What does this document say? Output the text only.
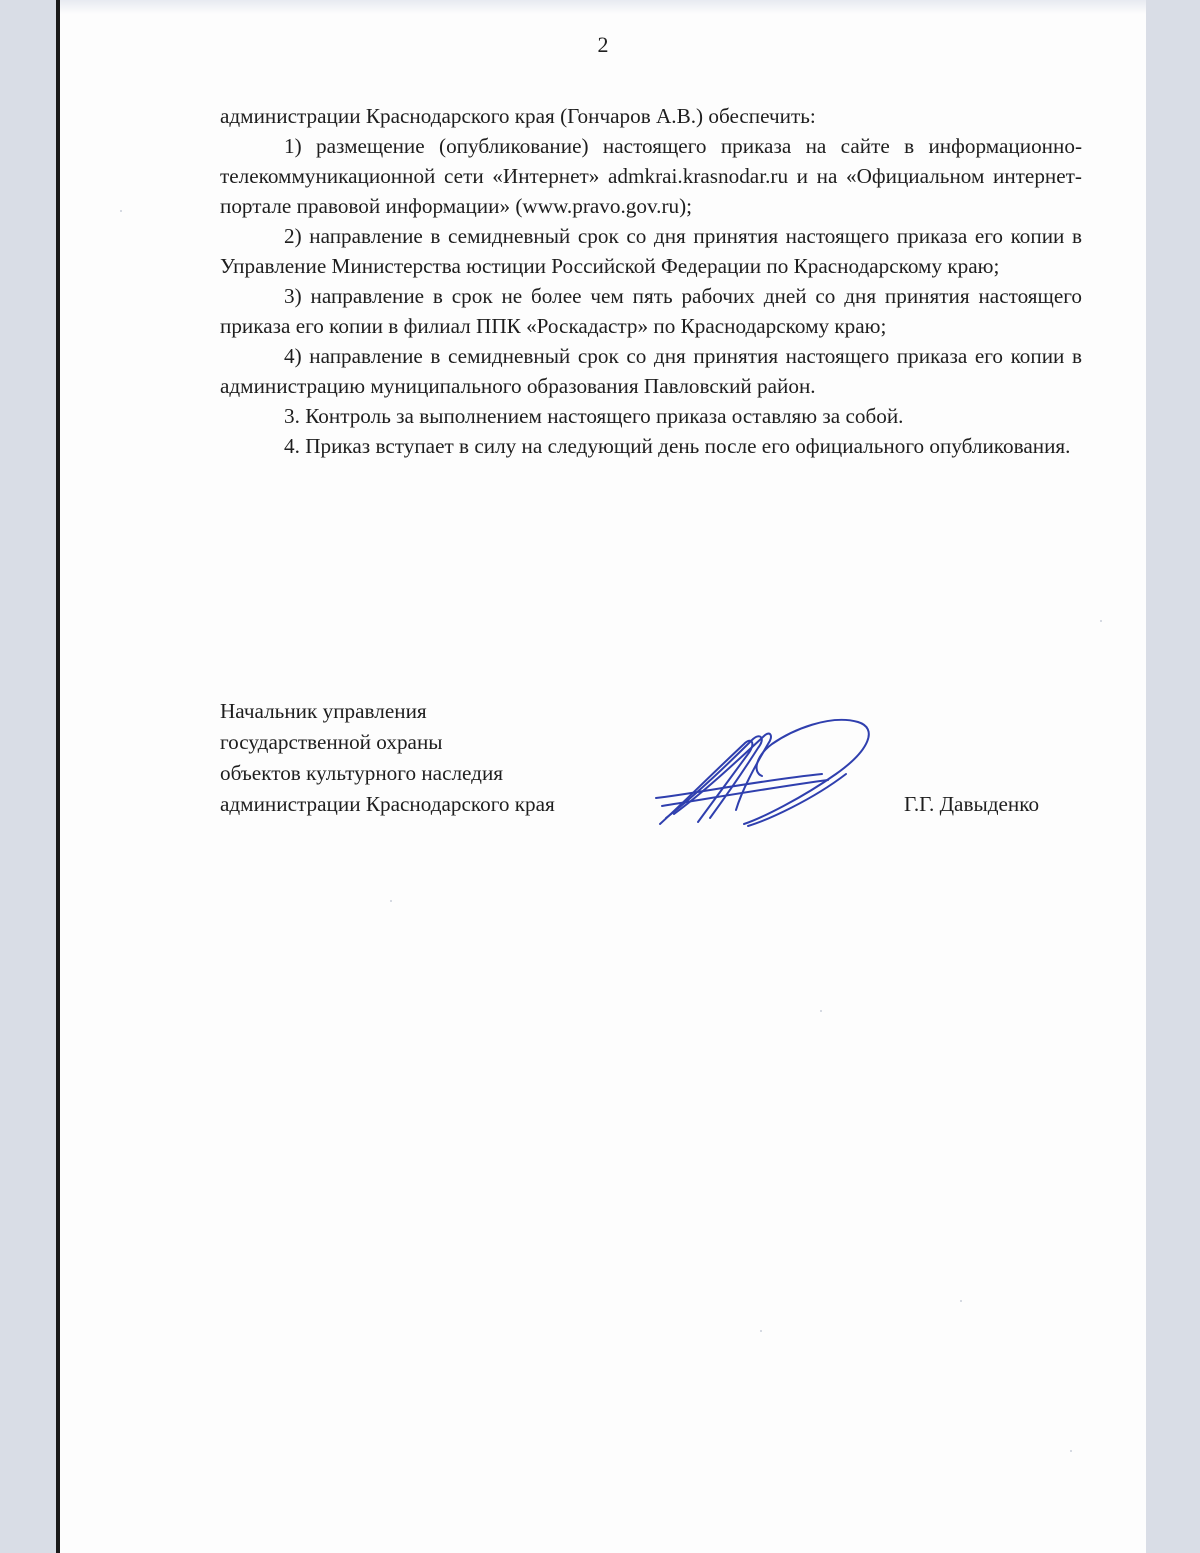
2

администрации Краснодарского края (Гончаров А.В.) обеспечить:

1) размещение (опубликование) настоящего приказа на сайте в информационно-телекоммуникационной сети «Интернет» admkrai.krasnodar.ru и на «Официальном интернет-портале правовой информации» (www.pravo.gov.ru);

2) направление в семидневный срок со дня принятия настоящего приказа его копии в Управление Министерства юстиции Российской Федерации по Краснодарскому краю;

3) направление в срок не более чем пять рабочих дней со дня принятия настоящего приказа его копии в филиал ППК «Роскадастр» по Краснодарскому краю;

4) направление в семидневный срок со дня принятия настоящего приказа его копии в администрацию муниципального образования Павловский район.

3. Контроль за выполнением настоящего приказа оставляю за собой.

4. Приказ вступает в силу на следующий день после его официального опубликования.

Начальник управления
государственной охраны
объектов культурного наследия
администрации Краснодарского края	Г.Г. Давыденко
